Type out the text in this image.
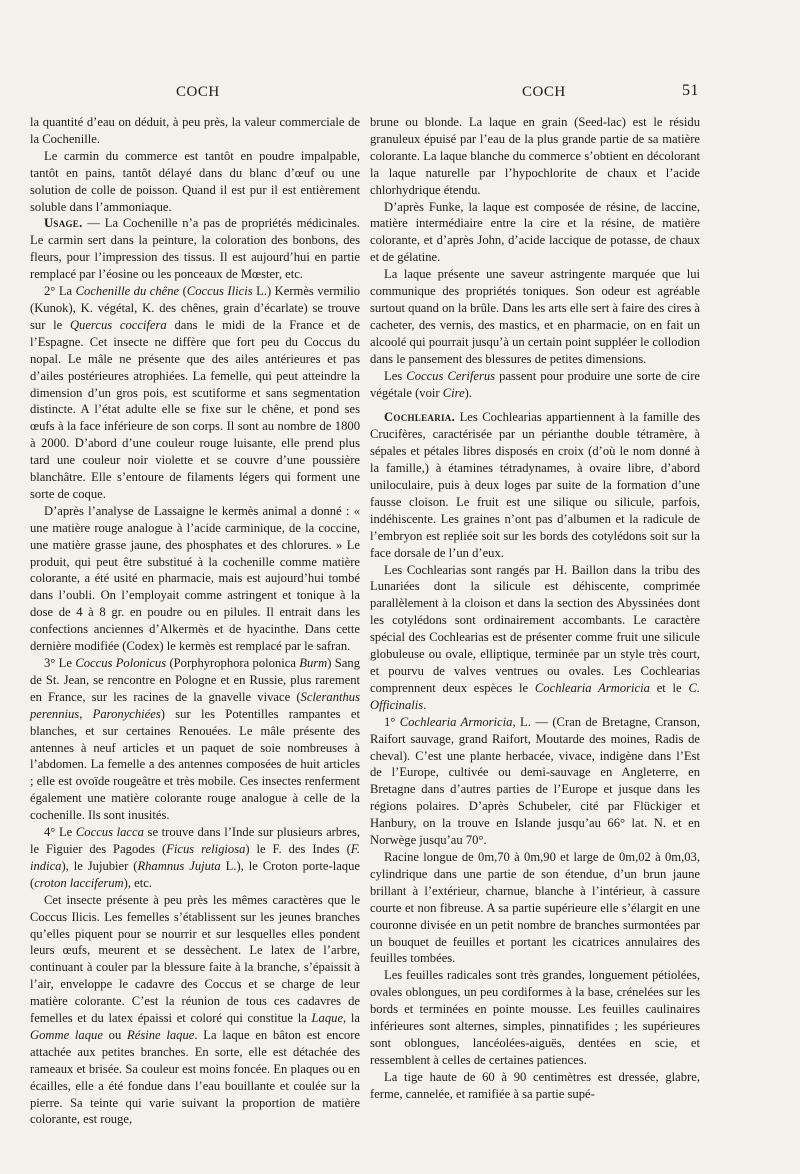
COCH	COCH	51

la quantité d’eau on déduit, à peu près, la valeur commerciale de la Cochenille.

Le carmin du commerce est tantôt en poudre impalpable, tantôt en pains, tantôt délayé dans du blanc d’œuf ou une solution de colle de poisson. Quand il est pur il est entièrement soluble dans l’ammoniaque.

Usage. — La Cochenille n’a pas de propriétés médicinales. Le carmin sert dans la peinture, la coloration des bonbons, des fleurs, pour l’impression des tissus. Il est aujourd’hui en partie remplacé par l’éosine ou les ponceaux de Mœster, etc.

2° La Cochenille du chêne (Coccus Ilicis L.) Kermès vermilio (Kunok), K. végétal, K. des chênes, grain d’écarlate) se trouve sur le Quercus coccifera dans le midi de la France et de l’Espagne. Cet insecte ne diffère que fort peu du Coccus du nopal. Le mâle ne présente que des ailes antérieures et pas d’ailes postérieures atrophiées. La femelle, qui peut atteindre la dimension d’un gros pois, est scutiforme et sans segmentation distincte. A l’état adulte elle se fixe sur le chêne, et pond ses œufs à la face inférieure de son corps. Il sont au nombre de 1800 à 2000. D’abord d’une couleur rouge luisante, elle prend plus tard une couleur noir violette et se couvre d’une poussière blanchâtre. Elle s’entoure de filaments légers qui forment une sorte de coque.

D’après l’analyse de Lassaigne le kermès animal a donné : « une matière rouge analogue à l’acide carminique, de la coccine, une matière grasse jaune, des phosphates et des chlorures. » Le produit, qui peut être substitué à la cochenille comme matière colorante, a été usité en pharmacie, mais est aujourd’hui tombé dans l’oubli. On l’employait comme astringent et tonique à la dose de 4 à 8 gr. en poudre ou en pilules. Il entrait dans les confections anciennes d’Alkermès et de hyacinthe. Dans cette dernière modifiée (Codex) le kermès est remplacé par le safran.

3° Le Coccus Polonicus (Porphyrophora polonica Burm) Sang de St. Jean, se rencontre en Pologne et en Russie, plus rarement en France, sur les racines de la gnavelle vivace (Scleranthus perennius, Paronychiées) sur les Potentilles rampantes et blanches, et sur certaines Renouées. Le mâle présente des antennes à neuf articles et un paquet de soie nombreuses à l’abdomen. La femelle a des antennes composées de huit articles ; elle est ovoïde rougeâtre et très mobile. Ces insectes renferment également une matière colorante rouge analogue à celle de la cochenille. Ils sont inusités.

4° Le Coccus lacca se trouve dans l’Inde sur plusieurs arbres, le Figuier des Pagodes (Ficus religiosa) le F. des Indes (F. indica), le Jujubier (Rhamnus Jujuta L.), le Croton porte-laque (croton lacciferum), etc.

Cet insecte présente à peu près les mêmes caractères que le Coccus Ilicis. Les femelles s’établissent sur les jeunes branches qu’elles piquent pour se nourrir et sur lesquelles elles pondent leurs œufs, meurent et se dessèchent. Le latex de l’arbre, continuant à couler par la blessure faite à la branche, s’épaissit à l’air, enveloppe le cadavre des Coccus et se charge de leur matière colorante. C’est la réunion de tous ces cadavres de femelles et du latex épaissi et coloré qui constitue la Laque, la Gomme laque ou Résine laque. La laque en bâton est encore attachée aux petites branches. En sorte, elle est détachée des rameaux et brisée. Sa couleur est moins foncée. En plaques ou en écailles, elle a été fondue dans l’eau bouillante et coulée sur la pierre. Sa teinte qui varie suivant la proportion de matière colorante, est rouge,

brune ou blonde. La laque en grain (Seed-lac) est le résidu granuleux épuisé par l’eau de la plus grande partie de sa matière colorante. La laque blanche du commerce s’obtient en décolorant la laque naturelle par l’hypochlorite de chaux et l’acide chlorhydrique étendu.

D’après Funke, la laque est composée de résine, de laccine, matière intermédiaire entre la cire et la résine, de matière colorante, et d’après John, d’acide laccique de potasse, de chaux et de gélatine.

La laque présente une saveur astringente marquée que lui communique des propriétés toniques. Son odeur est agréable surtout quand on la brûle. Dans les arts elle sert à faire des cires à cacheter, des vernis, des mastics, et en pharmacie, on en fait un alcoolé qui pourrait jusqu’à un certain point suppléer le collodion dans le pansement des blessures de petites dimensions.

Les Coccus Ceriferus passent pour produire une sorte de cire végétale (voir Cire).

Cochlearia. Les Cochlearias appartiennent à la famille des Crucifères, caractérisée par un périanthe double tétramère, à sépales et pétales libres disposés en croix (d’où le nom donné à la famille,) à étamines tétradynames, à ovaire libre, d’abord uniloculaire, puis à deux loges par suite de la formation d’une fausse cloison. Le fruit est une silique ou silicule, parfois, indéhiscente. Les graines n’ont pas d’albumen et la radicule de l’embryon est repliée soit sur les bords des cotylédons soit sur la face dorsale de l’un d’eux.

Les Cochlearias sont rangés par H. Baillon dans la tribu des Lunariées dont la silicule est déhiscente, comprimée parallèlement à la cloison et dans la section des Abyssinées dont les cotylédons sont ordinairement accombants. Le caractère spécial des Cochlearias est de présenter comme fruit une silicule globuleuse ou ovale, elliptique, terminée par un style très court, et pourvu de valves ventrues ou ovales. Les Cochlearias comprennent deux espèces le Cochlearia Armoricia et le C. Officinalis.

1° Cochlearia Armoricia, L. — (Cran de Bretagne, Cranson, Raifort sauvage, grand Raifort, Moutarde des moines, Radis de cheval). C’est une plante herbacée, vivace, indigène dans l’Est de l’Europe, cultivée ou demi-sauvage en Angleterre, en Bretagne dans d’autres parties de l’Europe et jusque dans les régions polaires. D’après Schubeler, cité par Flückiger et Hanbury, on la trouve en Islande jusqu’au 66° lat. N. et en Norwège jusqu’au 70°.

Racine longue de 0m,70 à 0m,90 et large de 0m,02 à 0m,03, cylindrique dans une partie de son étendue, d’un brun jaune brillant à l’extérieur, charnue, blanche à l’intérieur, à cassure courte et non fibreuse. A sa partie supérieure elle s’élargit en une couronne divisée en un petit nombre de branches surmontées par un bouquet de feuilles et portant les cicatrices annulaires des feuilles tombées.

Les feuilles radicales sont très grandes, longuement pétiolées, ovales oblongues, un peu cordiformes à la base, crénelées sur les bords et terminées en pointe mousse. Les feuilles caulinaires inférieures sont alternes, simples, pinnatifides ; les supérieures sont oblongues, lancéolées-aiguës, dentées en scie, et ressemblent à celles de certaines patiences.

La tige haute de 60 à 90 centimètres est dressée, glabre, ferme, cannelée, et ramifiée à sa partie supé-
